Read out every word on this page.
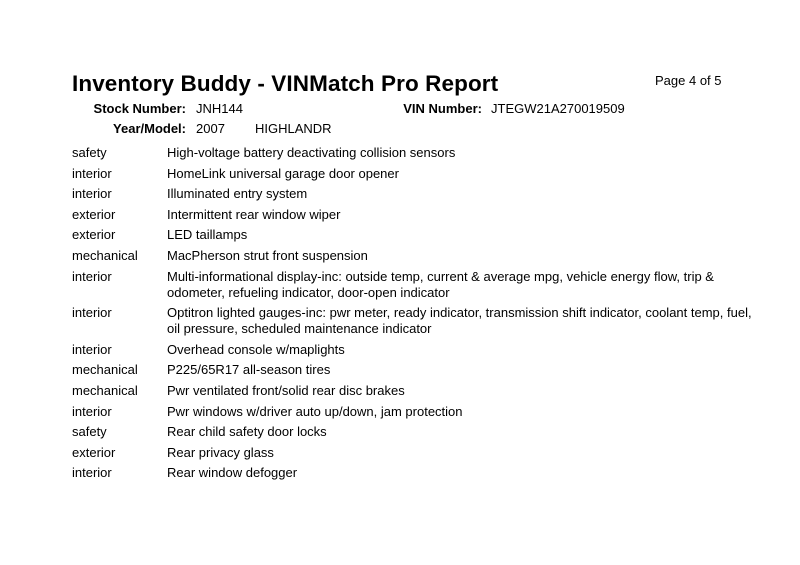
Inventory Buddy - VINMatch Pro Report	Page 4 of 5
Stock Number: JNH144	VIN Number: JTEGW21A270019509
Year/Model: 2007 HIGHLANDR
safety	High-voltage battery deactivating collision sensors
interior	HomeLink universal garage door opener
interior	Illuminated entry system
exterior	Intermittent rear window wiper
exterior	LED taillamps
mechanical	MacPherson strut front suspension
interior	Multi-informational display-inc: outside temp, current & average mpg, vehicle energy flow, trip & odometer, refueling indicator, door-open indicator
interior	Optitron lighted gauges-inc: pwr meter, ready indicator, transmission shift indicator, coolant temp, fuel, oil pressure, scheduled maintenance indicator
interior	Overhead console w/maplights
mechanical	P225/65R17 all-season tires
mechanical	Pwr ventilated front/solid rear disc brakes
interior	Pwr windows w/driver auto up/down, jam protection
safety	Rear child safety door locks
exterior	Rear privacy glass
interior	Rear window defogger
